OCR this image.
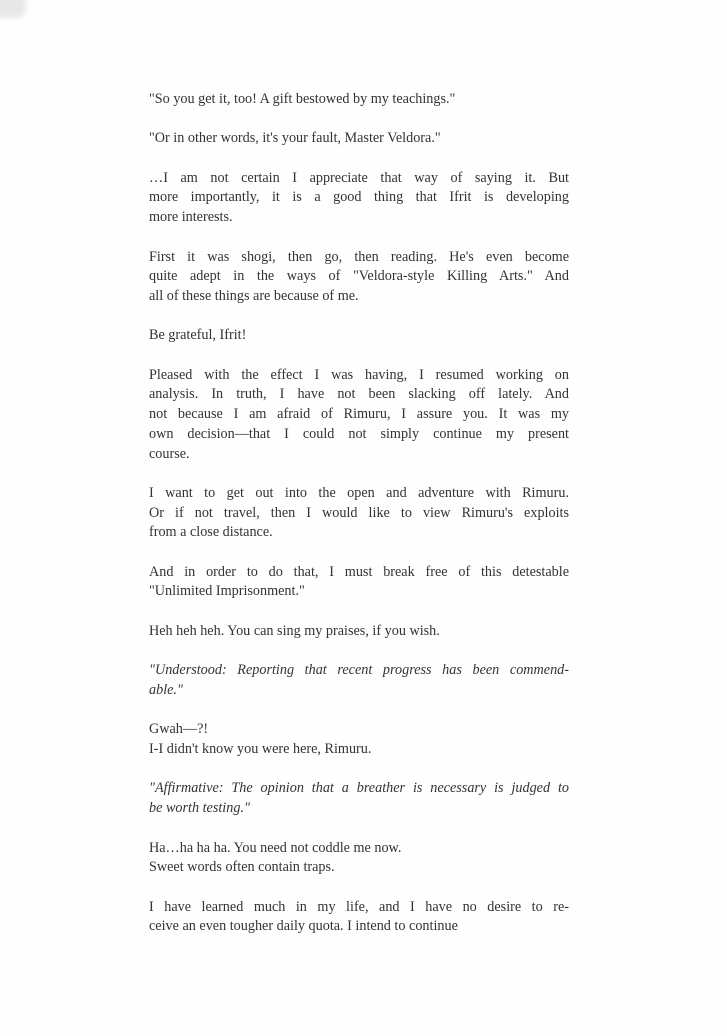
"So you get it, too! A gift bestowed by my teachings."

"Or in other words, it's your fault, Master Veldora."

…I am not certain I appreciate that way of saying it. But
more importantly, it is a good thing that Ifrit is developing
more interests.

First it was shogi, then go, then reading. He's even become
quite adept in the ways of "Veldora-style Killing Arts." And
all of these things are because of me.

Be grateful, Ifrit!

Pleased with the effect I was having, I resumed working on
analysis. In truth, I have not been slacking off lately. And
not because I am afraid of Rimuru, I assure you. It was my
own decision—that I could not simply continue my present
course.

I want to get out into the open and adventure with Rimuru.
Or if not travel, then I would like to view Rimuru's exploits
from a close distance.

And in order to do that, I must break free of this detestable
"Unlimited Imprisonment."

Heh heh heh. You can sing my praises, if you wish.

"Understood: Reporting that recent progress has been commend-
able."

Gwah—?!
I-I didn't know you were here, Rimuru.

"Affirmative: The opinion that a breather is necessary is judged to
be worth testing."

Ha…ha ha ha. You need not coddle me now.
Sweet words often contain traps.

I have learned much in my life, and I have no desire to re-
ceive an even tougher daily quota. I intend to continue
